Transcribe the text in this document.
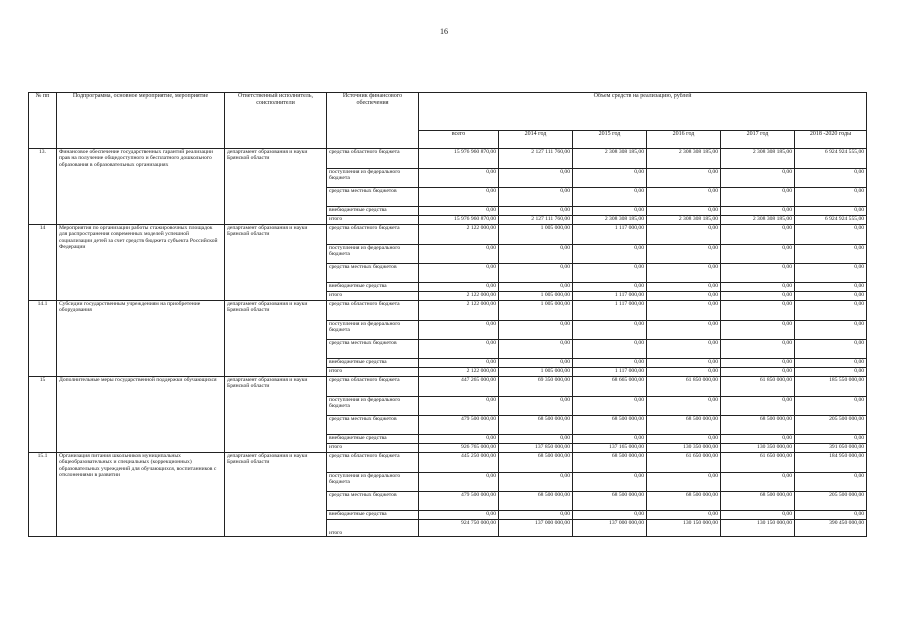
16
№ пп	Подпрограмма, основное мероприятие, мероприятие	Ответственный исполнитель, соисполнители	Источник финансового обеспечения	Объем средств на реализацию, рублей					
				всего	2014 год	2015 год	2016 год	2017 год	2018 -2020 годы
13.	Финансовое обеспечение государственных гарантий реализации прав на получение общедоступного и бесплатного дошкольного образования в образовательных организациях	департамент образования и науки Брянской области	средства областного бюджета	15 976 960 870,00	2 127 111 760,00	2 308 308 185,00	2 308 308 185,00	2 308 308 185,00	6 924 924 555,00
			поступления из федерального бюджета	0,00	0,00	0,00	0,00	0,00	0,00
			средства местных бюджетов	0,00	0,00	0,00	0,00	0,00	0,00
			внебюджетные средства	0,00	0,00	0,00	0,00	0,00	0,00
			итого	15 976 960 870,00	2 127 111 760,00	2 308 308 185,00	2 308 308 185,00	2 308 308 185,00	6 924 924 555,00
14	Мероприятия по организации работы стажировочных площадок для распространения современных моделей успешной социализации детей за счет средств бюджета субъекта Российской Федерации	департамент образования и науки Брянской области	средства областного бюджета	2 122 000,00	1 005 000,00	1 117 000,00	0,00	0,00	0,00
			поступления из федерального бюджета	0,00	0,00	0,00	0,00	0,00	0,00
			средства местных бюджетов	0,00	0,00	0,00	0,00	0,00	0,00
			внебюджетные средства	0,00	0,00	0,00	0,00	0,00	0,00
			итого	2 122 000,00	1 005 000,00	1 117 000,00	0,00	0,00	0,00
14.1	Субсидии государственным учреждениям на приобретение оборудования	департамент образования и науки Брянской области	средства областного бюджета	2 122 000,00	1 005 000,00	1 117 000,00	0,00	0,00	0,00
			поступления из федерального бюджета	0,00	0,00	0,00	0,00	0,00	0,00
			средства местных бюджетов	0,00	0,00	0,00	0,00	0,00	0,00
			внебюджетные средства	0,00	0,00	0,00	0,00	0,00	0,00
			итого	2 122 000,00	1 005 000,00	1 117 000,00	0,00	0,00	0,00
15	Дополнительные меры государственной поддержки обучающихся	департамент образования и науки Брянской области	средства областного бюджета	447 265 000,00	69 350 000,00	68 665 000,00	61 850 000,00	61 850 000,00	185 550 000,00
			поступления из федерального бюджета	0,00	0,00	0,00	0,00	0,00	0,00
			средства местных бюджетов	479 500 000,00	68 500 000,00	68 500 000,00	68 500 000,00	68 500 000,00	205 500 000,00
			внебюджетные средства	0,00	0,00	0,00	0,00	0,00	0,00
			итого	926 765 000,00	137 850 000,00	137 165 000,00	130 350 000,00	130 350 000,00	391 050 000,00
15.1	Организация питания школьников муниципальных общеобразовательных и специальных (коррекционных) образовательных учреждений для обучающихся, воспитанников с отклонениями в развитии	департамент образования и науки Брянской области	средства областного бюджета	445 250 000,00	68 500 000,00	68 500 000,00	61 650 000,00	61 650 000,00	184 950 000,00
			поступления из федерального бюджета	0,00	0,00	0,00	0,00	0,00	0,00
			средства местных бюджетов	479 500 000,00	68 500 000,00	68 500 000,00	68 500 000,00	68 500 000,00	205 500 000,00
			внебюджетные средства	0,00	0,00	0,00	0,00	0,00	0,00
			итого	924 750 000,00	137 000 000,00	137 000 000,00	130 150 000,00	130 150 000,00	390 450 000,00
